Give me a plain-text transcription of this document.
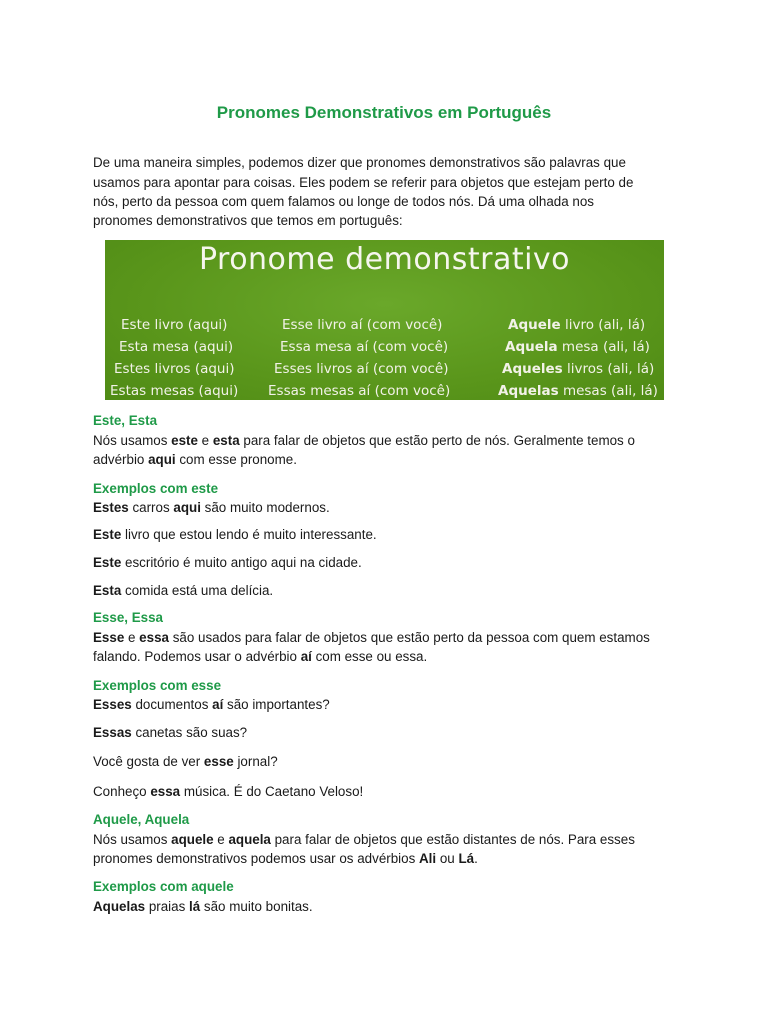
Pronomes Demonstrativos em Português
De uma maneira simples, podemos dizer que pronomes demonstrativos são palavras que
usamos para apontar para coisas. Eles podem se referir para objetos que estejam perto de
nós, perto da pessoa com quem falamos ou longe de todos nós. Dá uma olhada nos
pronomes demonstrativos que temos em português:
Pronome demonstrativo
Este livro (aqui)
Esta mesa (aqui)
Estes livros (aqui)
Estas mesas (aqui)
Esse livro aí (com você)
Essa mesa aí (com você)
Esses livros aí (com você)
Essas mesas aí (com você)
Aquele livro (ali, lá)
Aquela mesa (ali, lá)
Aqueles livros (ali, lá)
Aquelas mesas (ali, lá)
Este, Esta
Nós usamos este e esta para falar de objetos que estão perto de nós. Geralmente temos o
advérbio aqui com esse pronome.
Exemplos com este
Estes carros aqui são muito modernos.
Este livro que estou lendo é muito interessante.
Este escritório é muito antigo aqui na cidade.
Esta comida está uma delícia.
Esse, Essa
Esse e essa são usados para falar de objetos que estão perto da pessoa com quem estamos
falando. Podemos usar o advérbio aí com esse ou essa.
Exemplos com esse
Esses documentos aí são importantes?
Essas canetas são suas?
Você gosta de ver esse jornal?
Conheço essa música. É do Caetano Veloso!
Aquele, Aquela
Nós usamos aquele e aquela para falar de objetos que estão distantes de nós. Para esses
pronomes demonstrativos podemos usar os advérbios Ali ou Lá.
Exemplos com aquele
Aquelas praias lá são muito bonitas.
